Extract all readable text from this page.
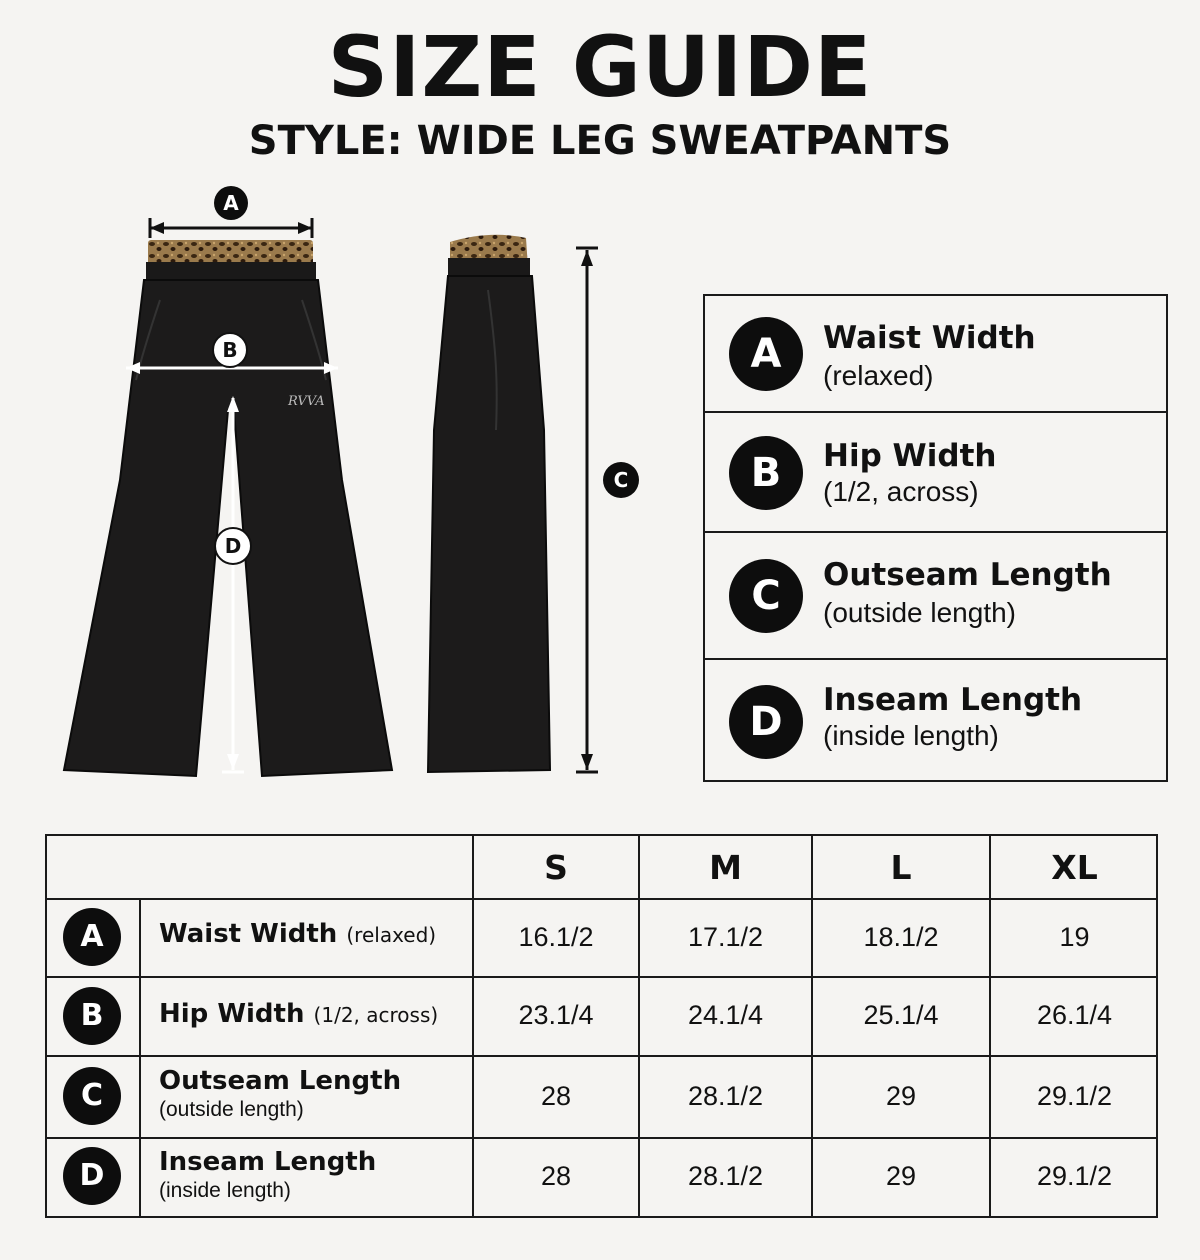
SIZE GUIDE
STYLE: WIDE LEG SWEATPANTS
RVVA
A
B
D
C
A	Waist Width
(relaxed)
B	Hip Width
(1/2, across)
C	Outseam Length
(outside length)
D	Inseam Length
(inside length)
S	M	L	XL
A	Waist Width (relaxed)	16.1/2	17.1/2	18.1/2	19
B	Hip Width (1/2, across)	23.1/4	24.1/4	25.1/4	26.1/4
C	Outseam Length
(outside length)	28	28.1/2	29	29.1/2
D	Inseam Length
(inside length)	28	28.1/2	29	29.1/2
